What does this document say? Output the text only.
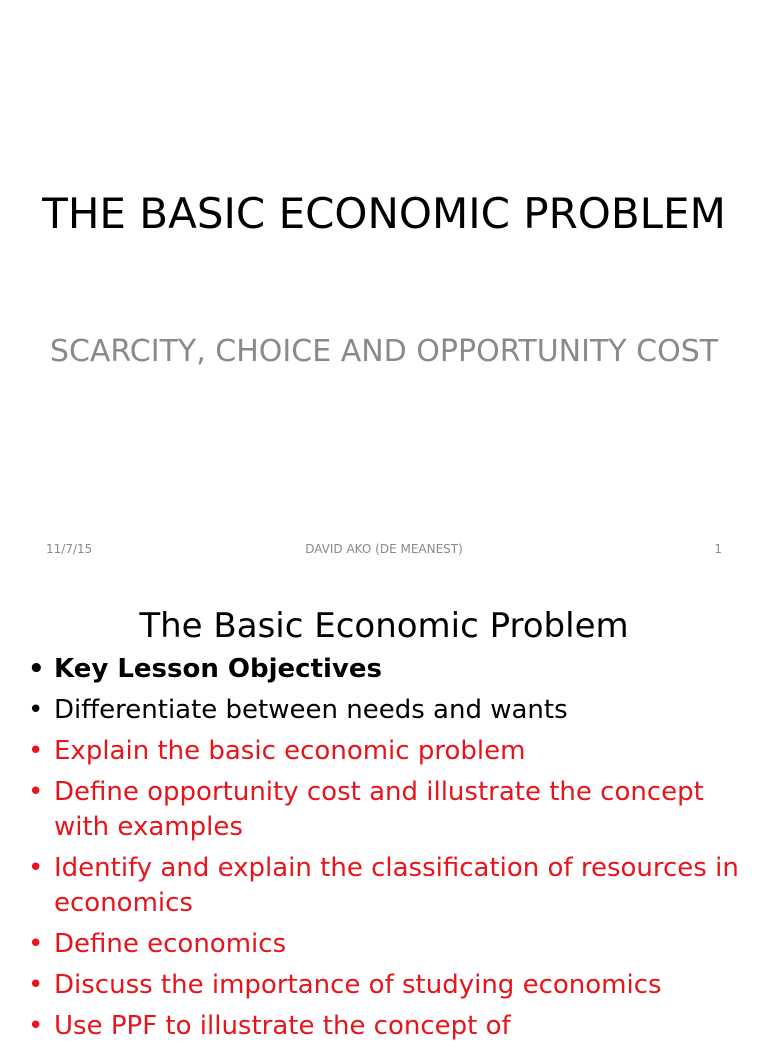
THE BASIC ECONOMIC PROBLEM
SCARCITY, CHOICE AND OPPORTUNITY COST
11/7/15	DAVID AKO (DE MEANEST)	1
The Basic Economic Problem
• Key Lesson Objectives
• Differentiate between needs and wants
• Explain the basic economic problem
• Define opportunity cost and illustrate the concept with examples
• Identify and explain the classification of resources in economics
• Define economics
• Discuss the importance of studying economics
• Use PPF to illustrate the concept of
